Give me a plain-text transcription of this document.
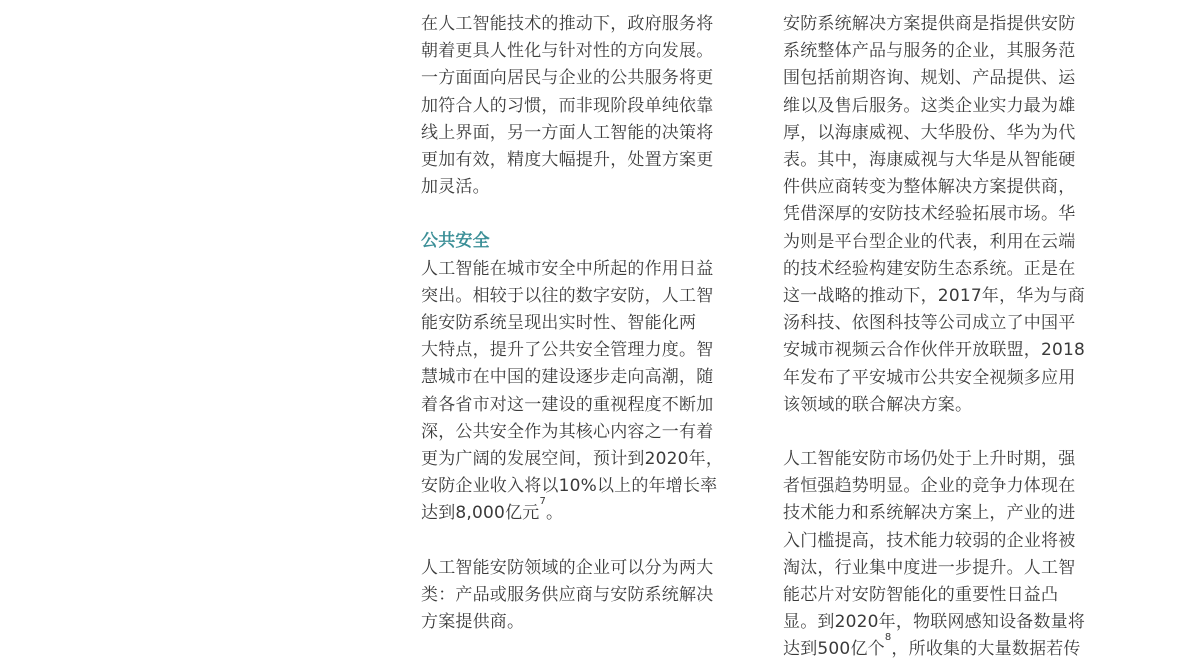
在人工智能技术的推动下，政府服务将
朝着更具人性化与针对性的方向发展。
一方面面向居民与企业的公共服务将更
加符合人的习惯，而非现阶段单纯依靠
线上界面，另一方面人工智能的决策将
更加有效，精度大幅提升，处置方案更
加灵活。

公共安全

人工智能在城市安全中所起的作用日益
突出。相较于以往的数字安防，人工智
能安防系统呈现出实时性、智能化两
大特点，提升了公共安全管理力度。智
慧城市在中国的建设逐步走向高潮，随
着各省市对这一建设的重视程度不断加
深，公共安全作为其核心内容之一有着
更为广阔的发展空间，预计到2020年，
安防企业收入将以10%以上的年增长率
达到8,000亿元$^7$。

人工智能安防领域的企业可以分为两大
类：产品或服务供应商与安防系统解决
方案提供商。

安防系统解决方案提供商是指提供安防
系统整体产品与服务的企业，其服务范
围包括前期咨询、规划、产品提供、运
维以及售后服务。这类企业实力最为雄
厚，以海康威视、大华股份、华为为代
表。其中，海康威视与大华是从智能硬
件供应商转变为整体解决方案提供商，
凭借深厚的安防技术经验拓展市场。华
为则是平台型企业的代表，利用在云端
的技术经验构建安防生态系统。正是在
这一战略的推动下，2017年，华为与商
汤科技、依图科技等公司成立了中国平
安城市视频云合作伙伴开放联盟，2018
年发布了平安城市公共安全视频多应用
该领域的联合解决方案。

人工智能安防市场仍处于上升时期，强
者恒强趋势明显。企业的竞争力体现在
技术能力和系统解决方案上，产业的进
入门槛提高，技术能力较弱的企业将被
淘汰，行业集中度进一步提升。人工智
能芯片对安防智能化的重要性日益凸
显。到2020年，物联网感知设备数量将
达到500亿个$^8$，所收集的大量数据若传
